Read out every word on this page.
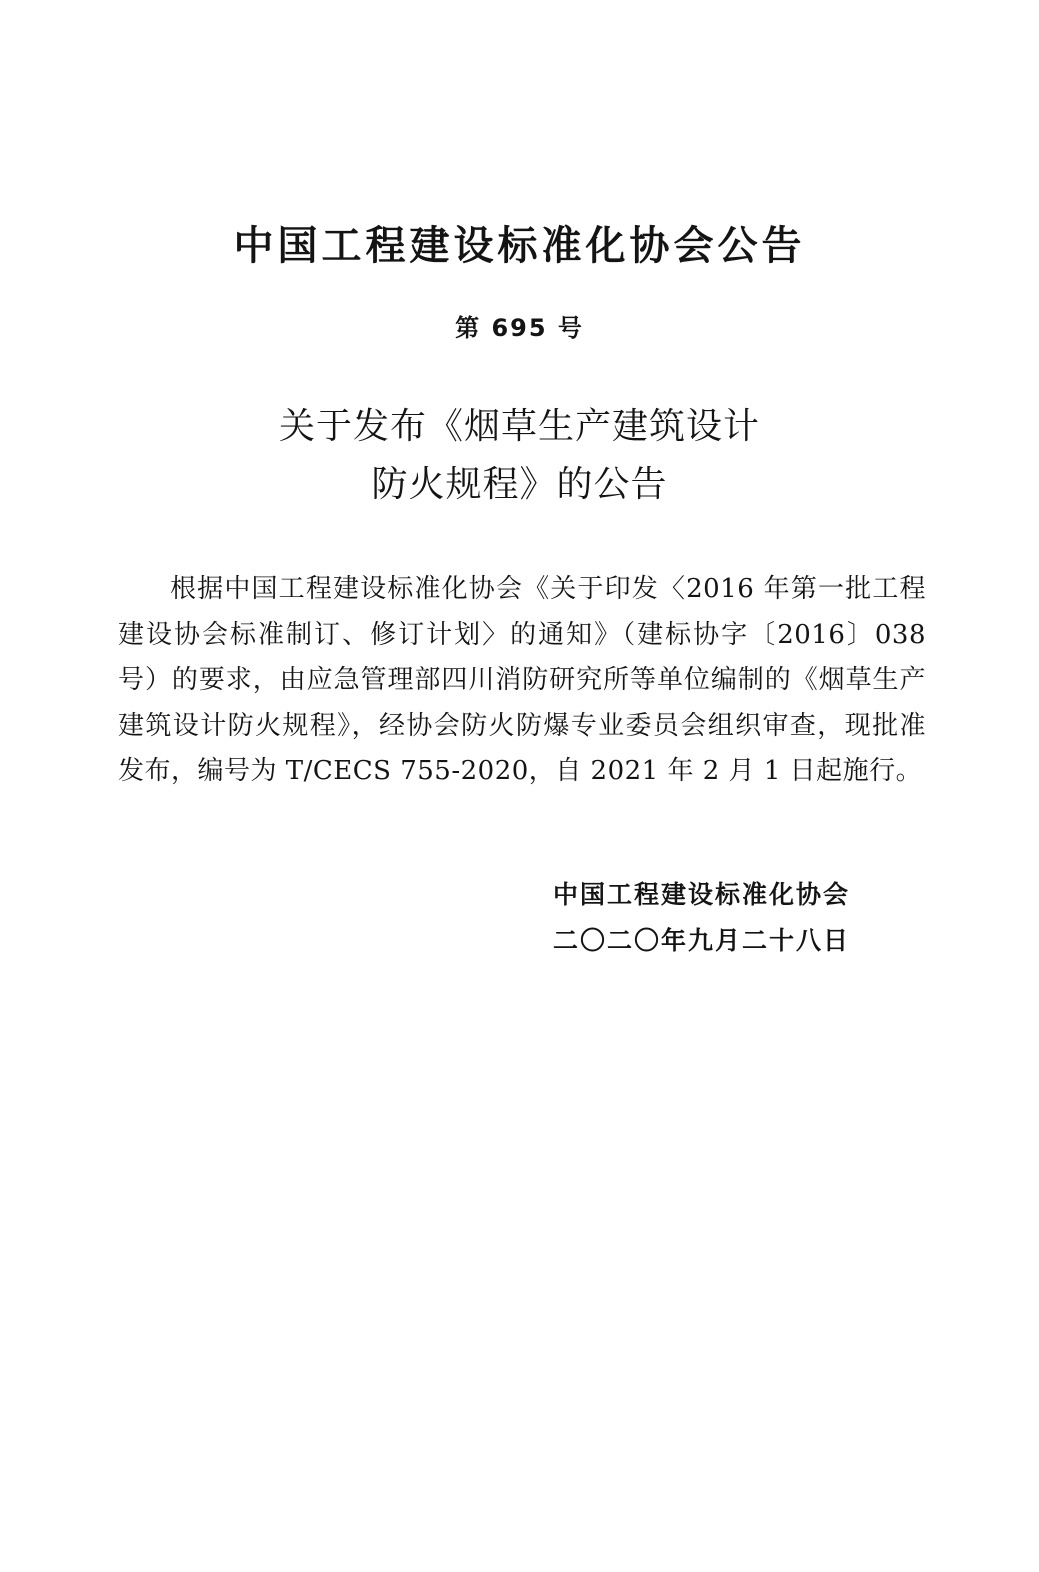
中国工程建设标准化协会公告
第 695 号
关于发布《烟草生产建筑设计
防火规程》的公告
根据中国工程建设标准化协会《关于印发〈2016 年第一批工程建设协会标准制订、修订计划〉的通知》（建标协字〔2016〕038号）的要求，由应急管理部四川消防研究所等单位编制的《烟草生产建筑设计防火规程》，经协会防火防爆专业委员会组织审查，现批准发布，编号为 T/CECS 755-2020，自 2021 年 2 月 1 日起施行。
中国工程建设标准化协会
二〇二〇年九月二十八日
